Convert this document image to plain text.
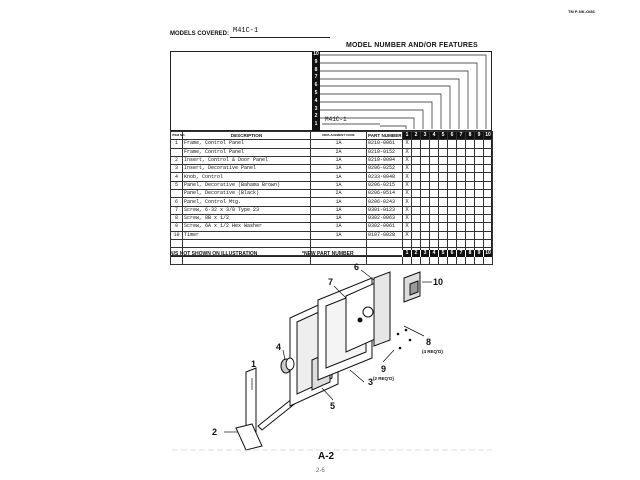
TM P-NK-O/86
MODELS COVERED: M41C-1
MODEL NUMBER AND/OR FEATURES
10
9
8
7
6
5
4
3
2
1
M41C-1
ITEM NO.	DESCRIPTION	REPLACEMENT CODE	PART NUMBER	1	2	3	4	5	6	7	8	9	10
1	Frame, Control Panel	1A	0210-0061	X									
	Frame, Control Panel	2A	0210-0152	X									
2	Insert, Control & Door Panel	1A	0210-0094	X									
3	Insert, Decorative Panel	1A	0206-0252	X									
4	Knob, Control	1A	0233-0048	X									
5	Panel, Decorative (Bahama Brown)	1A	0206-0215	X									
	Panel, Decorative (Black)	2A	0206-0514	X									
6	Panel, Control Mtg.	1A	0206-0243	X									
7	Screw, 6-32 x 3/8 Type 23	1A	0301-0123	X									
8	Screw, 8B x 1/2	1A	0302-0063	X									
9	Screw, 6A x 1/2 Hex Washer	1A	0302-0061	X									
10	Timer	1A	0107-0028	X									

1	2	3	4	5	6	7	8	9 10
N/S NOT SHOWN ON ILLUSTRATION	*NEW PART NUMBER
1
2
3
4
5
6
7
8
(4 REQ'D)
9
(2 REQ'D)
10
A-2
2-6
